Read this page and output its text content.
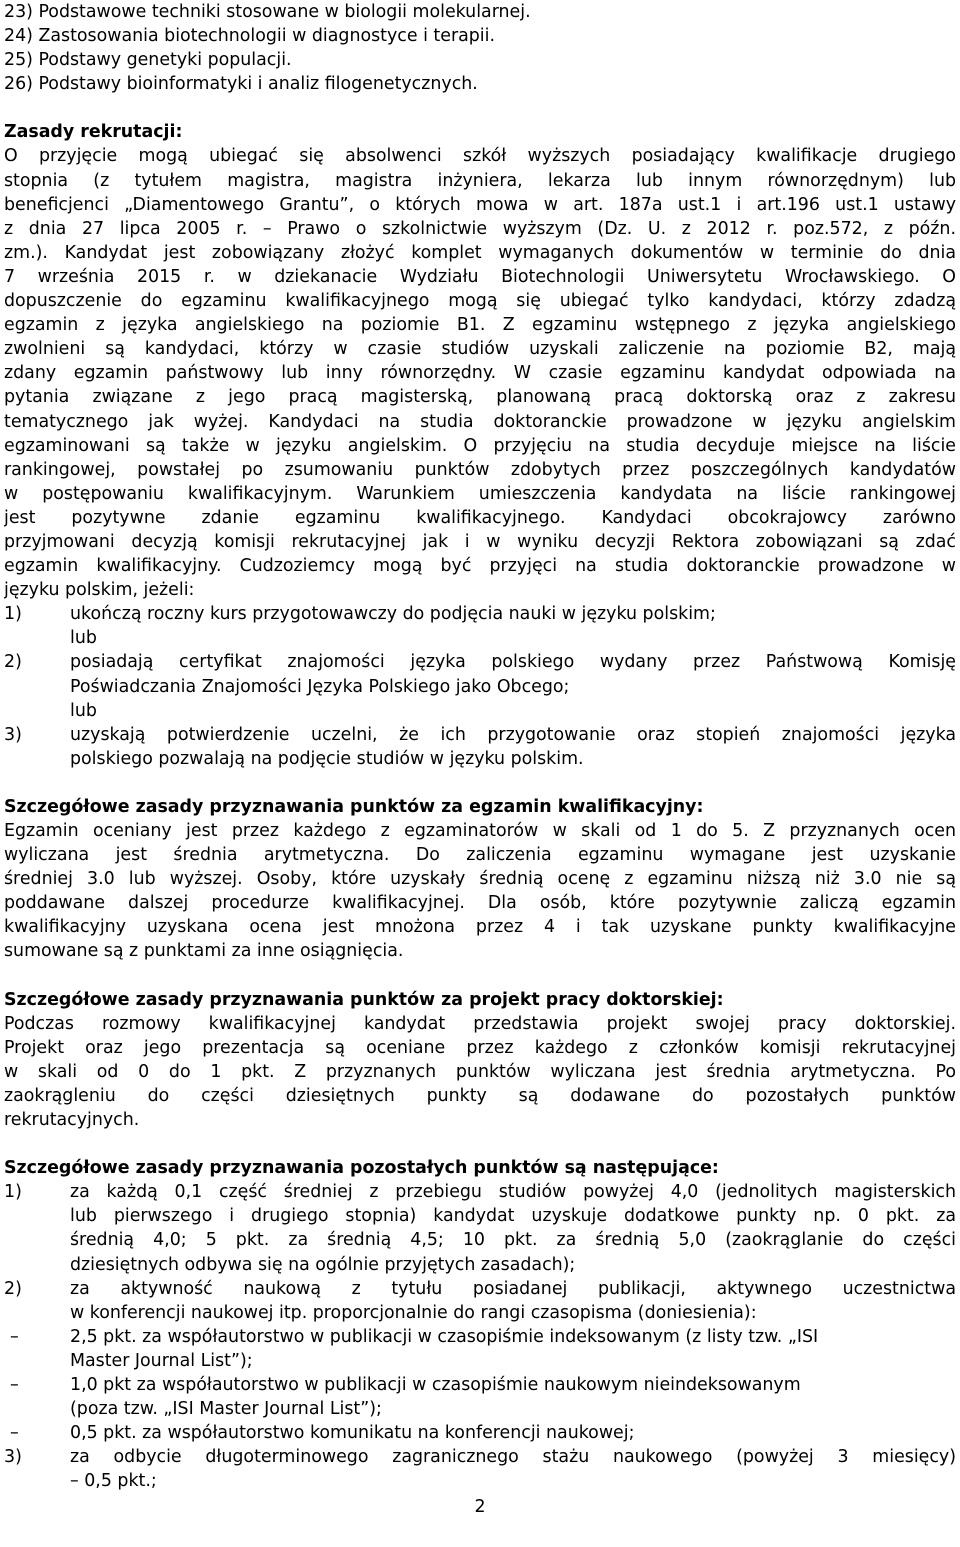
23) Podstawowe techniki stosowane w biologii molekularnej.

24) Zastosowania biotechnologii w diagnostyce i terapii.

25) Podstawy genetyki populacji.

26) Podstawy bioinformatyki i analiz filogenetycznych.

Zasady rekrutacji:

O przyjęcie mogą ubiegać się absolwenci szkół wyższych posiadający kwalifikacje drugiego

stopnia (z tytułem magistra, magistra inżyniera, lekarza lub innym równorzędnym) lub

beneficjenci „Diamentowego Grantu”, o których mowa w art. 187a ust.1 i art.196 ust.1 ustawy

z dnia 27 lipca 2005 r. – Prawo o szkolnictwie wyższym (Dz. U. z 2012 r. poz.572, z późn.

zm.). Kandydat jest zobowiązany złożyć komplet wymaganych dokumentów w terminie do dnia

7 września 2015 r. w dziekanacie Wydziału Biotechnologii Uniwersytetu Wrocławskiego. O

dopuszczenie do egzaminu kwalifikacyjnego mogą się ubiegać tylko kandydaci, którzy zdadzą

egzamin z języka angielskiego na poziomie B1. Z egzaminu wstępnego z języka angielskiego

zwolnieni są kandydaci, którzy w czasie studiów uzyskali zaliczenie na poziomie B2, mają

zdany egzamin państwowy lub inny równorzędny. W czasie egzaminu kandydat odpowiada na

pytania związane z jego pracą magisterską, planowaną pracą doktorską oraz z zakresu

tematycznego jak wyżej. Kandydaci na studia doktoranckie prowadzone w języku angielskim

egzaminowani są także w języku angielskim. O przyjęciu na studia decyduje miejsce na liście

rankingowej, powstałej po zsumowaniu punktów zdobytych przez poszczególnych kandydatów

w postępowaniu kwalifikacyjnym. Warunkiem umieszczenia kandydata na liście rankingowej

jest pozytywne zdanie egzaminu kwalifikacyjnego. Kandydaci obcokrajowcy zarówno

przyjmowani decyzją komisji rekrutacyjnej jak i w wyniku decyzji Rektora zobowiązani są zdać

egzamin kwalifikacyjny. Cudzoziemcy mogą być przyjęci na studia doktoranckie prowadzone w

języku polskim, jeżeli:

1)	ukończą roczny kurs przygotowawczy do podjęcia nauki w języku polskim;

lub

2)	posiadają certyfikat znajomości języka polskiego wydany przez Państwową Komisję

Poświadczania Znajomości Języka Polskiego jako Obcego;

lub

3)	uzyskają potwierdzenie uczelni, że ich przygotowanie oraz stopień znajomości języka

polskiego pozwalają na podjęcie studiów w języku polskim.

Szczegółowe zasady przyznawania punktów za egzamin kwalifikacyjny:

Egzamin oceniany jest przez każdego z egzaminatorów w skali od 1 do 5. Z przyznanych ocen

wyliczana jest średnia arytmetyczna. Do zaliczenia egzaminu wymagane jest uzyskanie

średniej 3.0 lub wyższej. Osoby, które uzyskały średnią ocenę z egzaminu niższą niż 3.0 nie są

poddawane dalszej procedurze kwalifikacyjnej. Dla osób, które pozytywnie zaliczą egzamin

kwalifikacyjny uzyskana ocena jest mnożona przez 4 i tak uzyskane punkty kwalifikacyjne

sumowane są z punktami za inne osiągnięcia.

Szczegółowe zasady przyznawania punktów za projekt pracy doktorskiej:

Podczas rozmowy kwalifikacyjnej kandydat przedstawia projekt swojej pracy doktorskiej.

Projekt oraz jego prezentacja są oceniane przez każdego z członków komisji rekrutacyjnej

w skali od 0 do 1 pkt. Z przyznanych punktów wyliczana jest średnia arytmetyczna. Po

zaokrągleniu do części dziesiętnych punkty są dodawane do pozostałych punktów

rekrutacyjnych.

Szczegółowe zasady przyznawania pozostałych punktów są następujące:

1)	za każdą 0,1 część średniej z przebiegu studiów powyżej 4,0 (jednolitych magisterskich

lub pierwszego i drugiego stopnia) kandydat uzyskuje dodatkowe punkty np. 0 pkt. za

średnią 4,0; 5 pkt. za średnią 4,5; 10 pkt. za średnią 5,0 (zaokrąglanie do części

dziesiętnych odbywa się na ogólnie przyjętych zasadach);

2)	za aktywność naukową z tytułu posiadanej publikacji, aktywnego uczestnictwa

w konferencji naukowej itp. proporcjonalnie do rangi czasopisma (doniesienia):

–	2,5 pkt. za współautorstwo w publikacji w czasopiśmie indeksowanym (z listy tzw. „ISI

Master Journal List”);

–	1,0 pkt za współautorstwo w publikacji w czasopiśmie naukowym nieindeksowanym

(poza tzw. „ISI Master Journal List”);

–	0,5 pkt. za współautorstwo komunikatu na konferencji naukowej;

3)	za odbycie długoterminowego zagranicznego stażu naukowego (powyżej 3 miesięcy)

– 0,5 pkt.;

2
